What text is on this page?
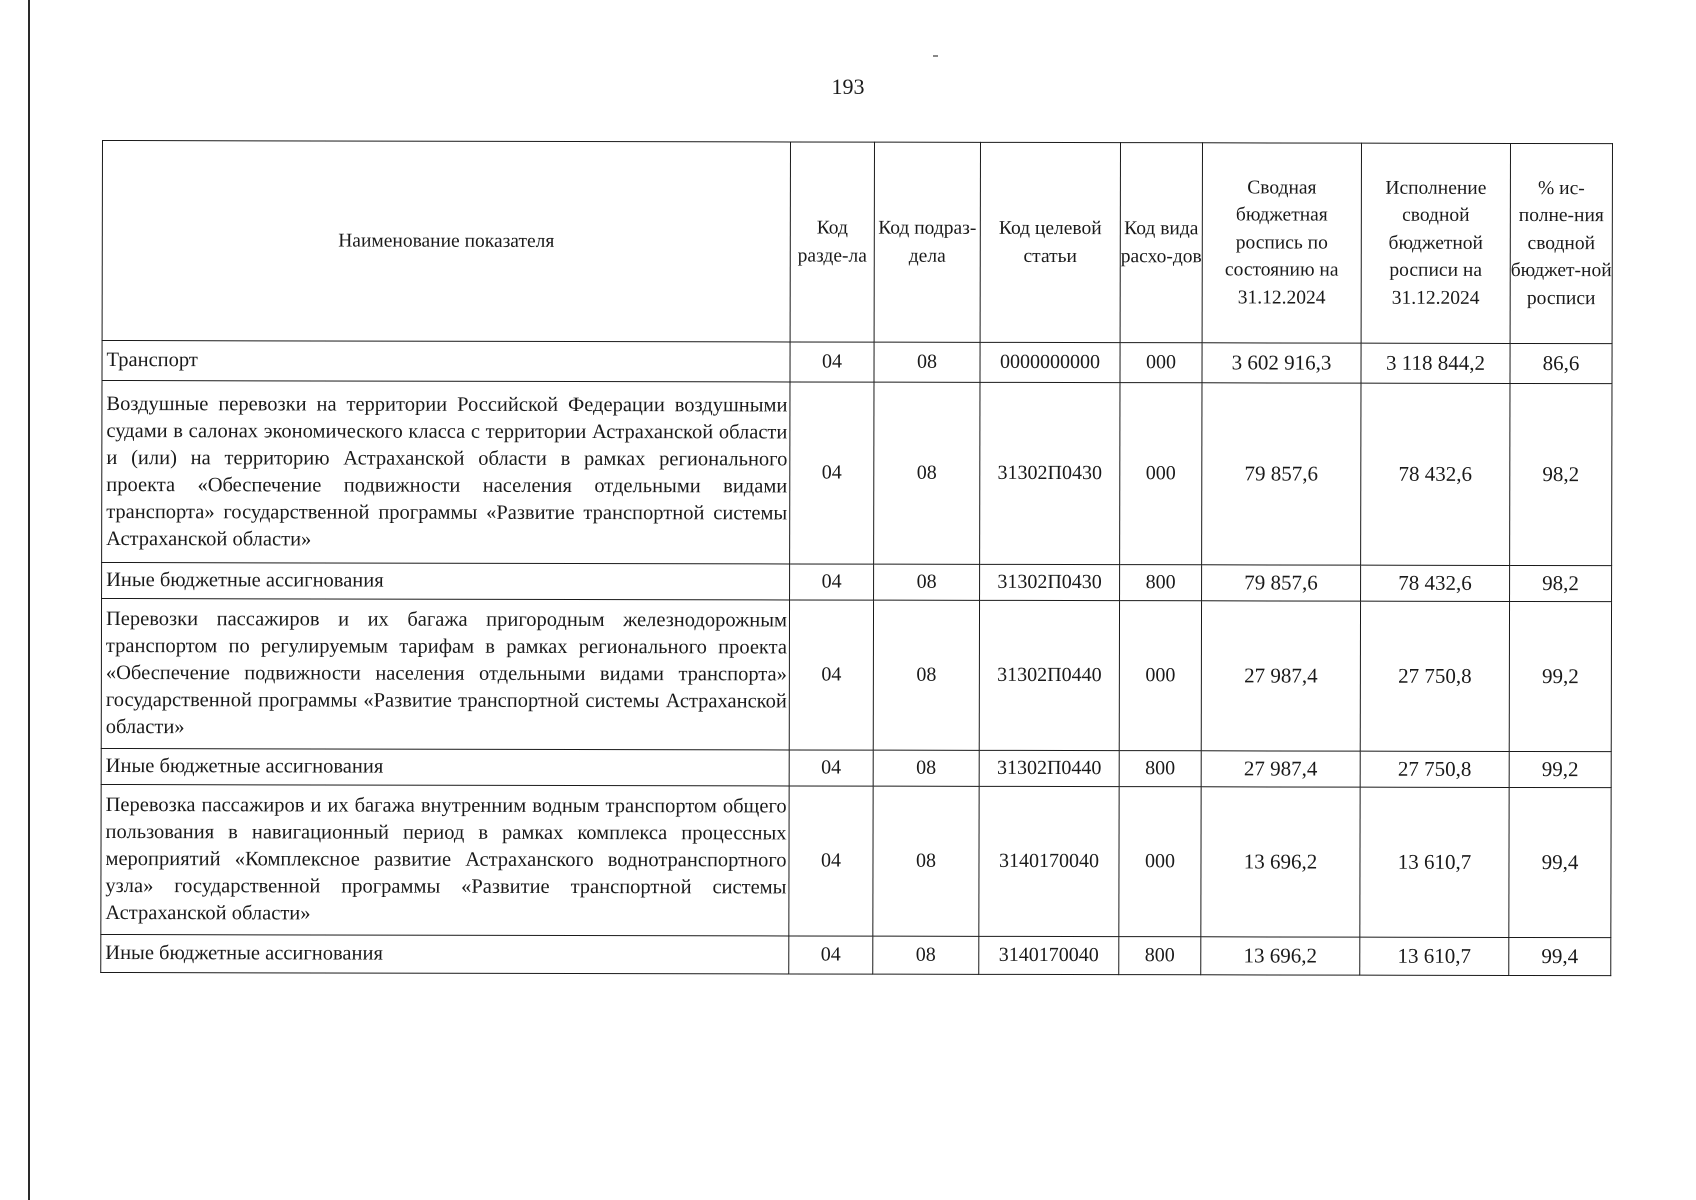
193
Наименование показателя	Код разде-ла	Код подраз-дела	Код целевой статьи	Код вида расхо-дов	Сводная бюджетная роспись по состоянию на 31.12.2024	Исполнение сводной бюджетной росписи на 31.12.2024	% ис-полне-ния сводной бюджет-ной росписи
Транспорт	04	08	0000000000	000	3 602 916,3	3 118 844,2	86,6
Воздушные перевозки на территории Российской Федерации воздушными судами в салонах экономического класса с территории Астраханской области и (или) на территорию Астраханской области в рамках регионального проекта «Обеспечение подвижности населения отдельными видами транспорта» государственной программы «Развитие транспортной системы Астраханской области»	04	08	31302П0430	000	79 857,6	78 432,6	98,2
Иные бюджетные ассигнования	04	08	31302П0430	800	79 857,6	78 432,6	98,2
Перевозки пассажиров и их багажа пригородным железнодорожным транспортом по регулируемым тарифам в рамках регионального проекта «Обеспечение подвижности населения отдельными видами транспорта» государственной программы «Развитие транспортной системы Астраханской области»	04	08	31302П0440	000	27 987,4	27 750,8	99,2
Иные бюджетные ассигнования	04	08	31302П0440	800	27 987,4	27 750,8	99,2
Перевозка пассажиров и их багажа внутренним водным транспортом общего пользования в навигационный период в рамках комплекса процессных мероприятий «Комплексное развитие Астраханского воднотранспортного узла» государственной программы «Развитие транспортной системы Астраханской области»	04	08	3140170040	000	13 696,2	13 610,7	99,4
Иные бюджетные ассигнования	04	08	3140170040	800	13 696,2	13 610,7	99,4
